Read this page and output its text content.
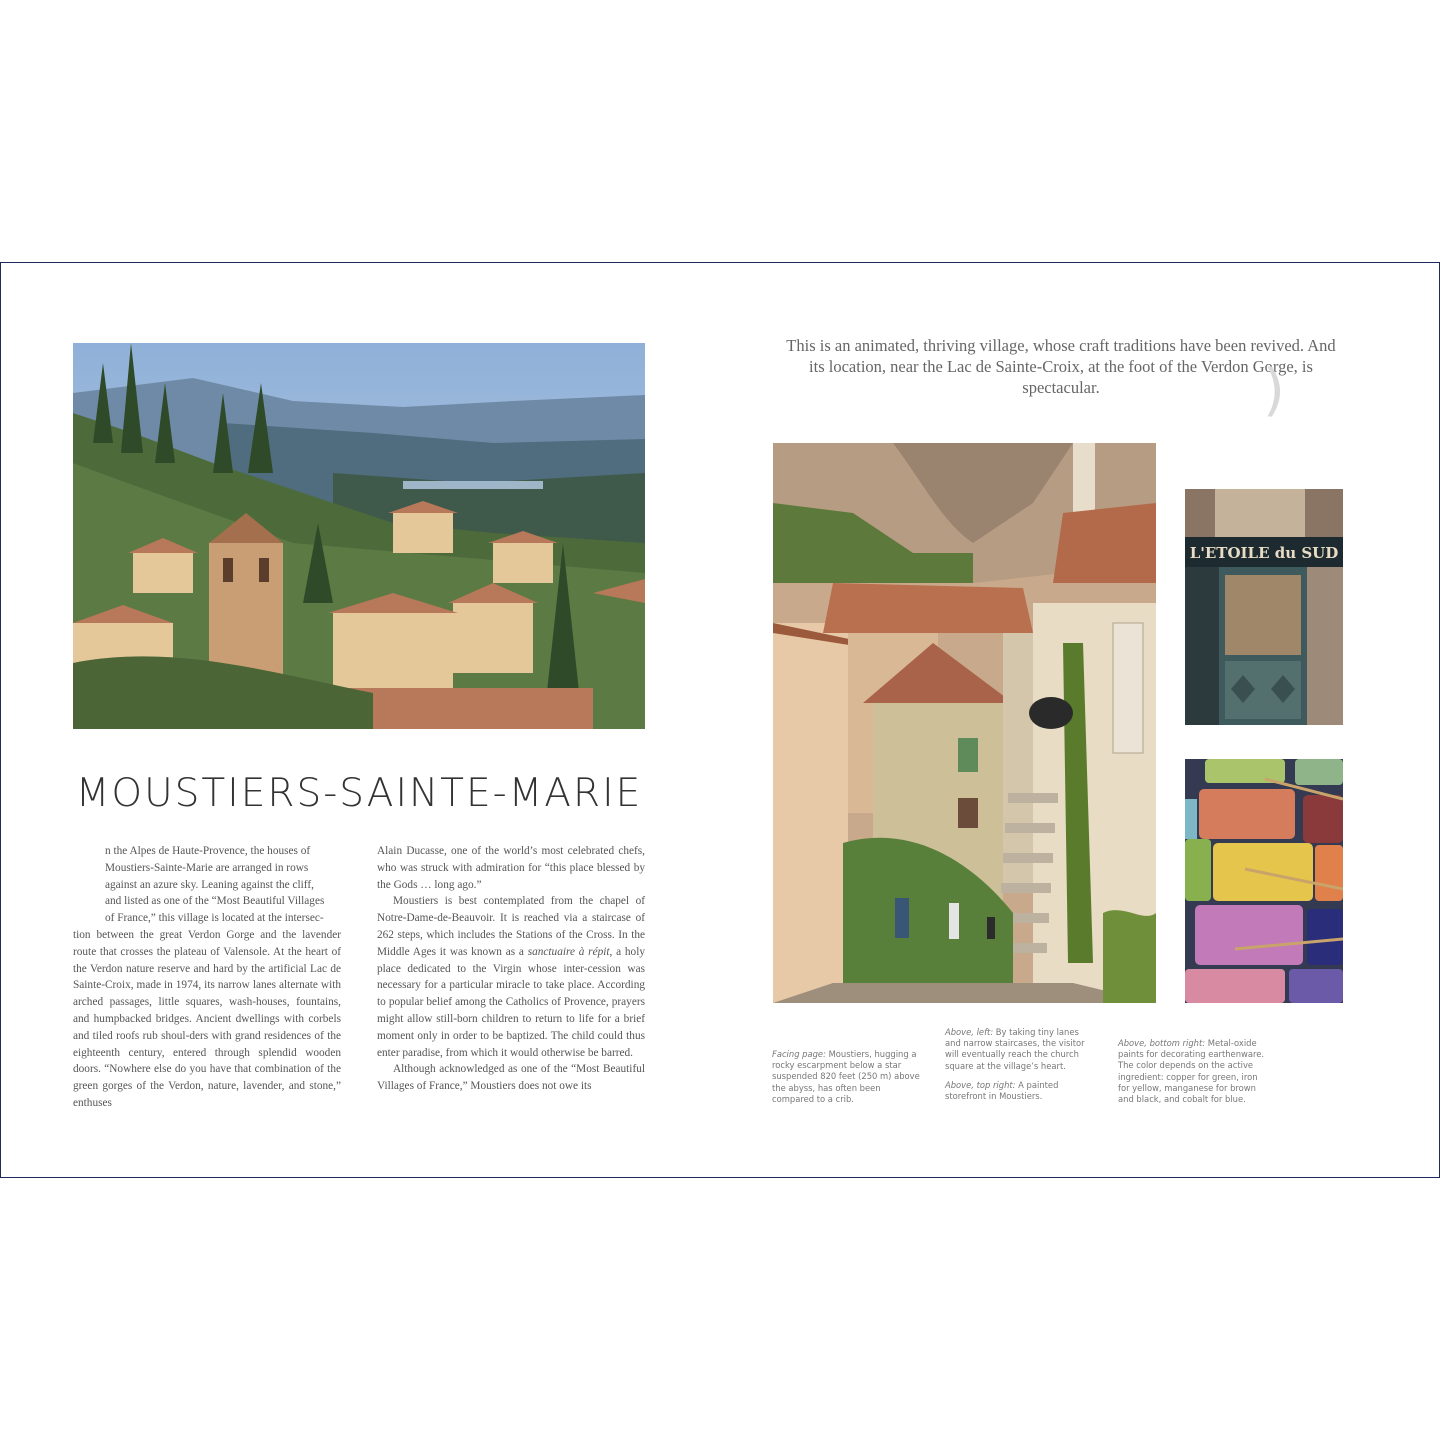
MOUSTIERS-SAINTE-MARIE

n the Alpes de Haute-Provence, the houses of
Moustiers-Sainte-Marie are arranged in rows
against an azure sky. Leaning against the cliff,
and listed as one of the “Most Beautiful Villages
of France,” this village is located at the intersec-
tion between the great Verdon Gorge and the lavender route that crosses the plateau of Valensole. At the heart of the Verdon nature reserve and hard by the artificial Lac de Sainte-Croix, made in 1974, its narrow lanes alternate with arched passages, little squares, wash-houses, fountains, and humpbacked bridges. Ancient dwellings with corbels and tiled roofs rub shoul-ders with grand residences of the eighteenth century, entered through splendid wooden doors. “Nowhere else do you have that combination of the green gorges of the Verdon, nature, lavender, and stone,” enthuses

Alain Ducasse, one of the world’s most celebrated chefs, who was struck with admiration for “this place blessed by the Gods … long ago.”

Moustiers is best contemplated from the chapel of Notre-Dame-de-Beauvoir. It is reached via a staircase of 262 steps, which includes the Stations of the Cross. In the Middle Ages it was known as a sanctuaire à répit, a holy place dedicated to the Virgin whose inter-cession was necessary for a particular miracle to take place. According to popular belief among the Catholics of Provence, prayers might allow still-born children to return to life for a brief moment only in order to be baptized. The child could thus enter paradise, from which it would otherwise be barred.

Although acknowledged as one of the “Most Beautiful Villages of France,” Moustiers does not owe its

This is an animated, thriving village, whose craft traditions have been revived. And its location, near the Lac de Sainte-Croix, at the foot of the Verdon Gorge, is spectacular.	)
L'ETOILE du SUD

Facing page: Moustiers, hugging a rocky escarpment below a star suspended 820 feet (250 m) above the abyss, has often been compared to a crib.

Above, left: By taking tiny lanes and narrow staircases, the visitor will eventually reach the church square at the village’s heart.

Above, top right: A painted storefront in Moustiers.

Above, bottom right: Metal-oxide paints for decorating earthenware. The color depends on the active ingredient: copper for green, iron for yellow, manganese for brown and black, and cobalt for blue.
